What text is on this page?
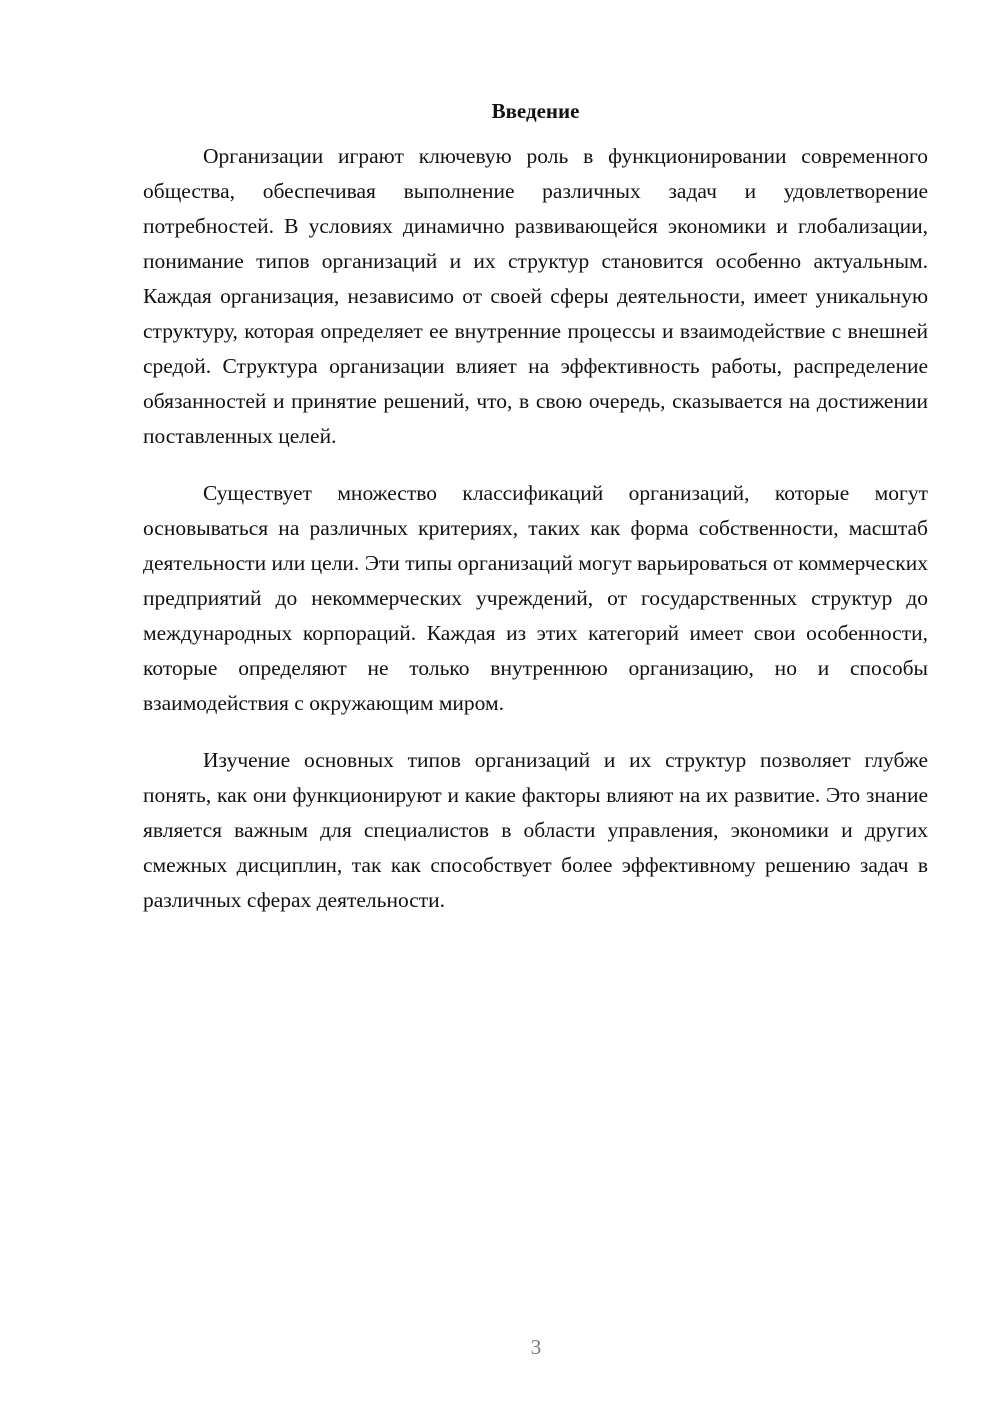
Введение

Организации играют ключевую роль в функционировании современного общества, обеспечивая выполнение различных задач и удовлетворение потребностей. В условиях динамично развивающейся экономики и глобализации, понимание типов организаций и их структур становится особенно актуальным. Каждая организация, независимо от своей сферы деятельности, имеет уникальную структуру, которая определяет ее внутренние процессы и взаимодействие с внешней средой. Структура организации влияет на эффективность работы, распределение обязанностей и принятие решений, что, в свою очередь, сказывается на достижении поставленных целей.

Существует множество классификаций организаций, которые могут основываться на различных критериях, таких как форма собственности, масштаб деятельности или цели. Эти типы организаций могут варьироваться от коммерческих предприятий до некоммерческих учреждений, от государственных структур до международных корпораций. Каждая из этих категорий имеет свои особенности, которые определяют не только внутреннюю организацию, но и способы взаимодействия с окружающим миром.

Изучение основных типов организаций и их структур позволяет глубже понять, как они функционируют и какие факторы влияют на их развитие. Это знание является важным для специалистов в области управления, экономики и других смежных дисциплин, так как способствует более эффективному решению задач в различных сферах деятельности.

3
